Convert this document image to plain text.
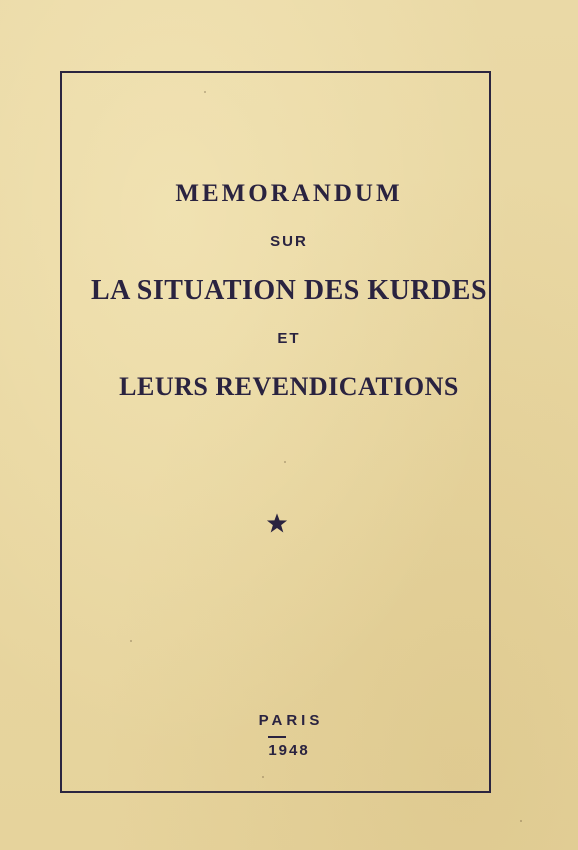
MEMORANDUM
SUR
LA SITUATION DES KURDES
ET
LEURS REVENDICATIONS
PARIS
1948
